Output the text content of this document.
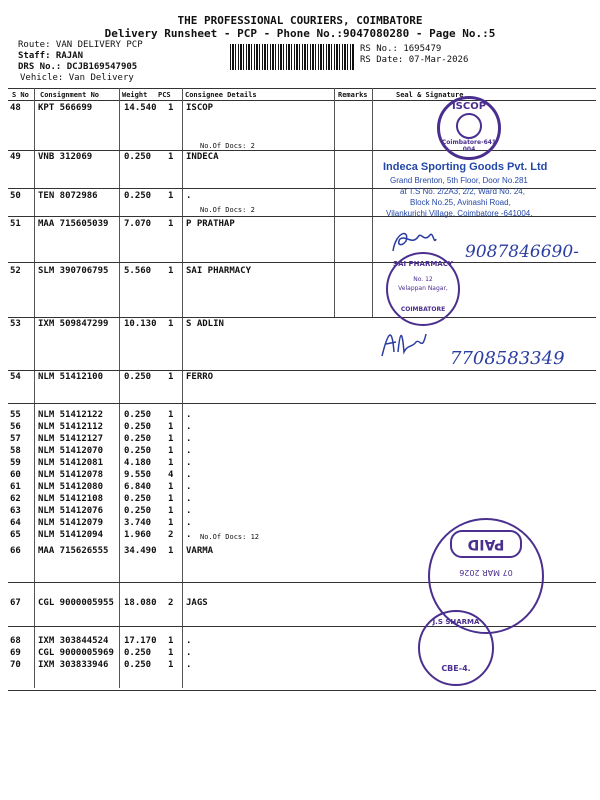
THE PROFESSIONAL COURIERS, COIMBATORE
Delivery Runsheet - PCP - Phone No.:9047080280 - Page No.:5
Route: VAN DELIVERY PCP
Staff: RAJAN
DRS No.: DCJB169547905
Vehicle: Van Delivery
RS No.: 1695479
RS Date: 07-Mar-2026
S No Consignment No	Weight PCS Consignee Details	Remarks	Seal & Signature
48 KPT 566699	14.540 1 ISCOP
No.Of Docs: 2
49 VNB 312069	0.250 1 INDECA
50 TEN 8072986	0.250 1 .
No.Of Docs: 2
51 MAA 715605039 7.070 1 P PRATHAP
52 SLM 390706795 5.560 1 SAI PHARMACY
53 IXM 509847299 10.130 1 S ADLIN
54 NLM 51412100 0.250 1 FERRO
55 NLM 51412122 0.250 1 .
56 NLM 51412112 0.250 1 .
57 NLM 51412127 0.250 1 .
58 NLM 51412070 0.250 1 .
59 NLM 51412081 4.180 1 .
60 NLM 51412078 9.550 4 .
61 NLM 51412080 6.840 1 .
62 NLM 51412108 0.250 1 .
63 NLM 51412076 0.250 1 .
64 NLM 51412079 3.740 1 .
65 NLM 51412094 1.960 2 . No.Of Docs: 12
66 MAA 715626555 34.490 1 VARMA
67 CGL 9000005955 18.080 2 JAGS
68 IXM 303844524 17.170 1 .
69 CGL 9000005969 0.250 1 .
70 IXM 303833946 0.250 1 .
ISCOP
Coimbatore-641 004
Indeca Sporting Goods Pvt. Ltd
Grand Brenton, 5th Floor, Door No.281
at T.S No. 2/2A3, 2/2, Ward No. 24,
Block No.25, Avinashi Road,
Vilankurichi Village, Coimbatore -641004.
SAI PHARMACY
No. 12
Velappan Nagar,
COIMBATORE
PAID
07 MAR 2026
J.S SHARMA
CBE-4.
9087846690-
7708583349
